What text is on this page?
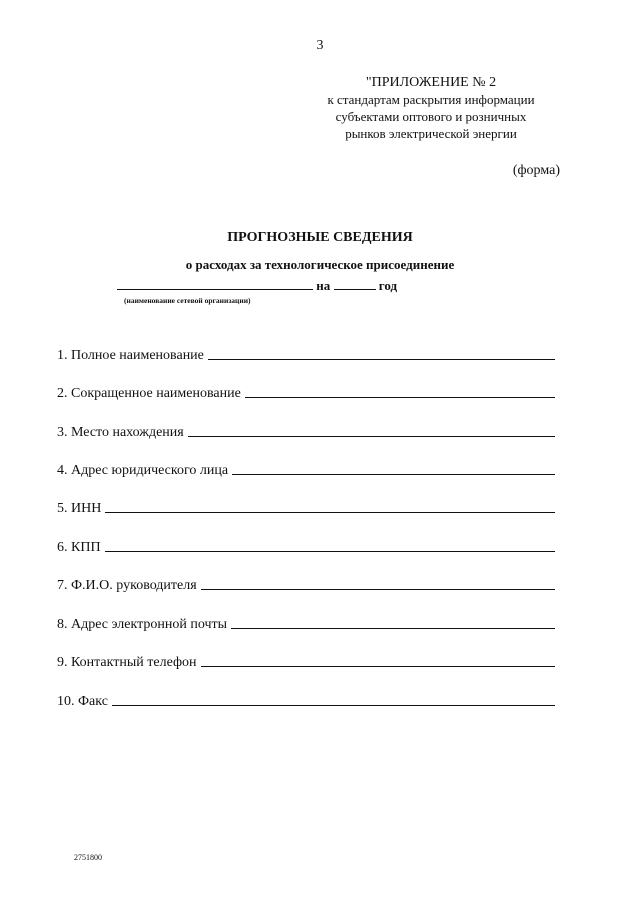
3
"ПРИЛОЖЕНИЕ № 2
к стандартам раскрытия информации
субъектами оптового и розничных
рынков электрической энергии
(форма)
ПРОГНОЗНЫЕ СВЕДЕНИЯ
о расходах за технологическое присоединение
на	год
(наименование сетевой организации)
1. Полное наименование
2. Сокращенное наименование
3. Место нахождения
4. Адрес юридического лица
5. ИНН
6. КПП
7. Ф.И.О. руководителя
8. Адрес электронной почты
9. Контактный телефон
10. Факс
2751800
